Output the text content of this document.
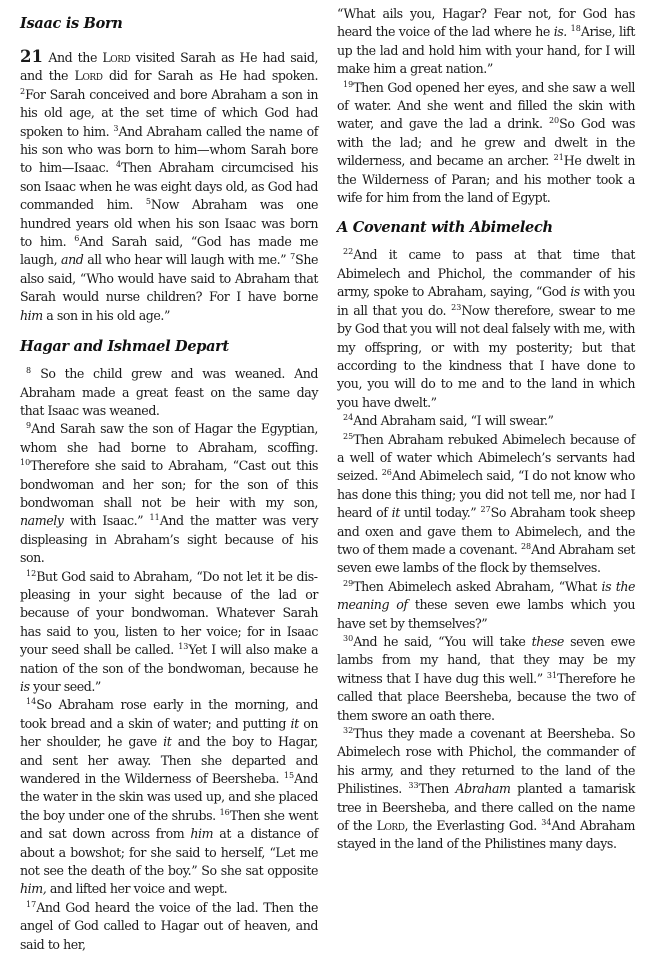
Isaac is Born

21 And the Lord visited Sarah as He had said, and the Lord did for Sarah as He had spoken. $^2$For Sarah conceived and bore Abraham a son in his old age, at the set time of which God had spoken to him. $^3$And Abraham called the name of his son who was born to him—whom Sarah bore to him—Isaac. $^4$Then Abraham circumcised his son Isaac when he was eight days old, as God had commanded him. $^5$Now Abraham was one hundred years old when his son Isaac was born to him. $^6$And Sarah said, “God has made me laugh, and all who hear will laugh with me.” $^7$She also said, “Who would have said to Abraham that Sarah would nurse children? For I have borne him a son in his old age.”

Hagar and Ishmael Depart

$^8$ So the child grew and was weaned. And Abraham made a great feast on the same day that Isaac was weaned.

$^9$And Sarah saw the son of Hagar the Egyptian, whom she had borne to Abraham, scoffing. $^{10}$Therefore she said to Abraham, “Cast out this bondwoman and her son; for the son of this bondwoman shall not be heir with my son, namely with Isaac.” $^{11}$And the matter was very displeasing in Abraham’s sight because of his son.

$^{12}$But God said to Abraham, “Do not let it be displeasing in your sight because of the lad or because of your bondwoman. Whatever Sarah has said to you, listen to her voice; for in Isaac your seed shall be called. $^{13}$Yet I will also make a nation of the son of the bondwoman, because he is your seed.”

$^{14}$So Abraham rose early in the morning, and took bread and a skin of water; and putting it on her shoulder, he gave it and the boy to Hagar, and sent her away. Then she departed and wandered in the Wilderness of Beersheba. $^{15}$And the water in the skin was used up, and she placed the boy under one of the shrubs. $^{16}$Then she went and sat down across from him at a distance of about a bowshot; for she said to herself, “Let me not see the death of the boy.” So she sat opposite him, and lifted her voice and wept.

$^{17}$And God heard the voice of the lad. Then the angel of God called to Hagar out of heaven, and said to her,

“What ails you, Hagar? Fear not, for God has heard the voice of the lad where he is. $^{18}$Arise, lift up the lad and hold him with your hand, for I will make him a great nation.”

$^{19}$Then God opened her eyes, and she saw a well of water. And she went and filled the skin with water, and gave the lad a drink. $^{20}$So God was with the lad; and he grew and dwelt in the wilderness, and became an archer. $^{21}$He dwelt in the Wilderness of Paran; and his mother took a wife for him from the land of Egypt.

A Covenant with Abimelech

$^{22}$And it came to pass at that time that Abimelech and Phichol, the commander of his army, spoke to Abraham, saying, “God is with you in all that you do. $^{23}$Now therefore, swear to me by God that you will not deal falsely with me, with my offspring, or with my posterity; but that according to the kindness that I have done to you, you will do to me and to the land in which you have dwelt.”

$^{24}$And Abraham said, “I will swear.”

$^{25}$Then Abraham rebuked Abimelech because of a well of water which Abimelech’s servants had seized. $^{26}$And Abimelech said, “I do not know who has done this thing; you did not tell me, nor had I heard of it until today.” $^{27}$So Abraham took sheep and oxen and gave them to Abimelech, and the two of them made a covenant. $^{28}$And Abraham set seven ewe lambs of the flock by themselves.

$^{29}$Then Abimelech asked Abraham, “What is the meaning of these seven ewe lambs which you have set by themselves?”

$^{30}$And he said, “You will take these seven ewe lambs from my hand, that they may be my witness that I have dug this well.” $^{31}$Therefore he called that place Beersheba, because the two of them swore an oath there.

$^{32}$Thus they made a covenant at Beersheba. So Abimelech rose with Phichol, the commander of his army, and they returned to the land of the Philistines. $^{33}$Then Abraham planted a tamarisk tree in Beersheba, and there called on the name of the Lord, the Everlasting God. $^{34}$And Abraham stayed in the land of the Philistines many days.
